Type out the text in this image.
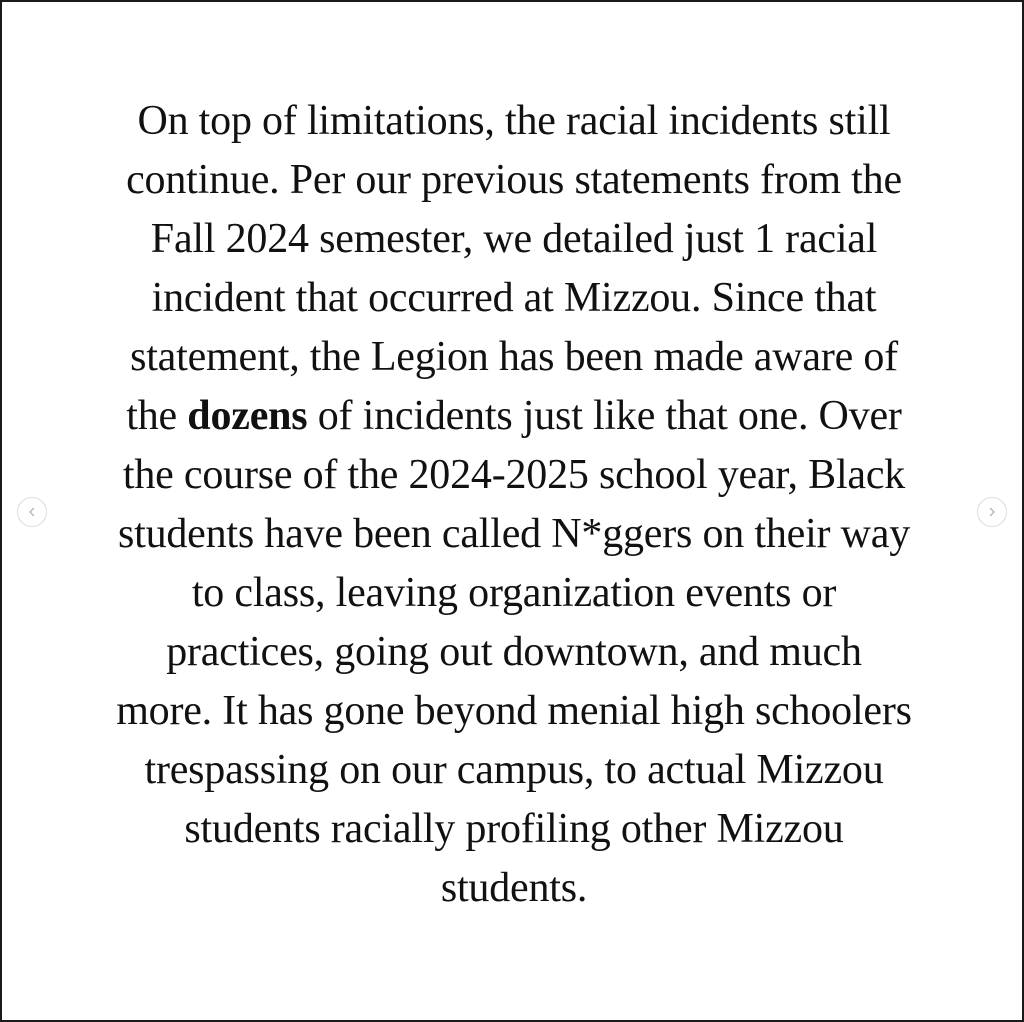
On top of limitations, the racial incidents still
continue. Per our previous statements from the
Fall 2024 semester, we detailed just 1 racial
incident that occurred at Mizzou. Since that
statement, the Legion has been made aware of
the dozens of incidents just like that one. Over
the course of the 2024-2025 school year, Black
students have been called N*ggers on their way
to class, leaving organization events or
practices, going out downtown, and much
more. It has gone beyond menial high schoolers
trespassing on our campus, to actual Mizzou
students racially profiling other Mizzou
students.
